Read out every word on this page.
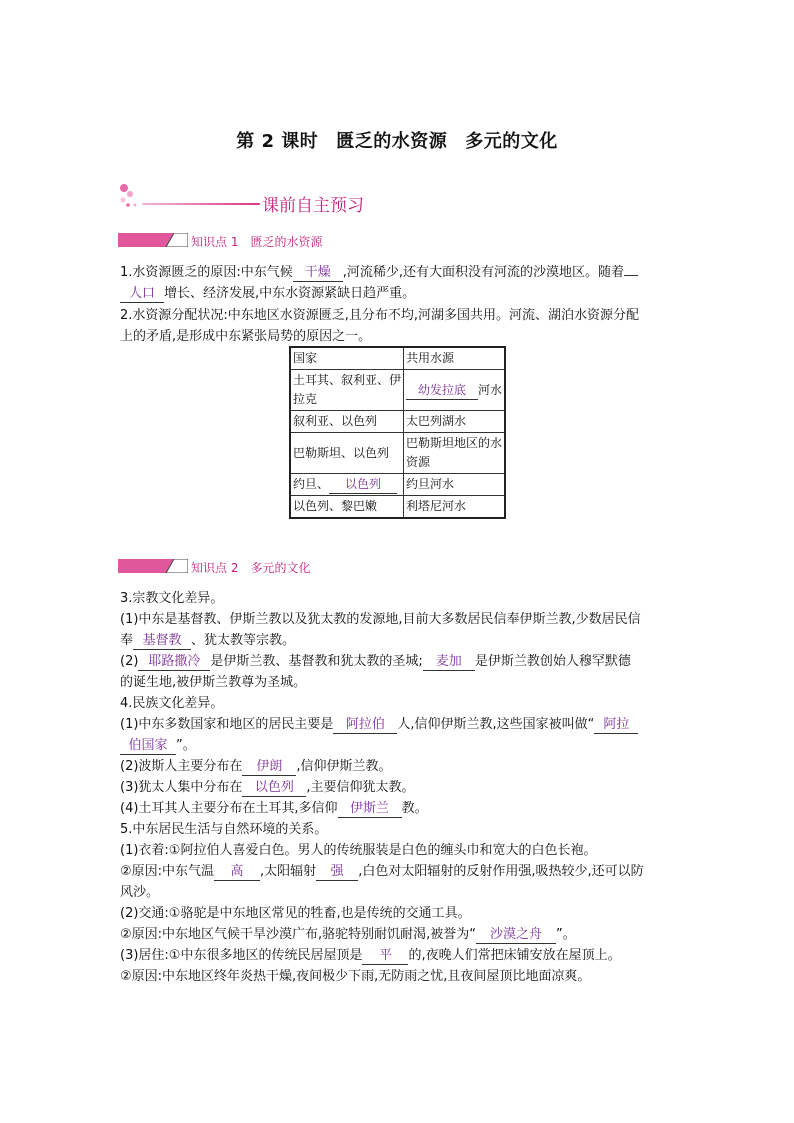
第 2 课时 匮乏的水资源 多元的文化
课前自主预习
知识点 1　匮乏的水资源
1.水资源匮乏的原因:中东气候 干燥 ,河流稀少,还有大面积没有河流的沙漠地区。随着
人口 增长、经济发展,中东水资源紧缺日趋严重。
2.水资源分配状况:中东地区水资源匮乏,且分布不均,河湖多国共用。河流、湖泊水资源分配
上的矛盾,是形成中东紧张局势的原因之一。
国家	共用水源
土耳其、叙利亚、伊拉克	幼发拉底 河水
叙利亚、以色列	太巴列湖水
巴勒斯坦、以色列	巴勒斯坦地区的水资源
约旦、 以色列	约旦河水
以色列、黎巴嫩	利塔尼河水
知识点 2　多元的文化
3.宗教文化差异。
(1)中东是基督教、伊斯兰教以及犹太教的发源地,目前大多数居民信奉伊斯兰教,少数居民信
奉 基督教 、犹太教等宗教。
(2) 耶路撒冷 是伊斯兰教、基督教和犹太教的圣城; 麦加 是伊斯兰教创始人穆罕默德
的诞生地,被伊斯兰教尊为圣城。
4.民族文化差异。
(1)中东多数国家和地区的居民主要是 阿拉伯 人,信仰伊斯兰教,这些国家被叫做“ 阿拉
伯国家 ”。
(2)波斯人主要分布在 伊朗 ,信仰伊斯兰教。
(3)犹太人集中分布在 以色列 ,主要信仰犹太教。
(4)土耳其人主要分布在土耳其,多信仰 伊斯兰 教。
5.中东居民生活与自然环境的关系。
(1)衣着:①阿拉伯人喜爱白色。男人的传统服装是白色的缠头巾和宽大的白色长袍。
②原因:中东气温 高 ,太阳辐射 强 ,白色对太阳辐射的反射作用强,吸热较少,还可以防
风沙。
(2)交通:①骆驼是中东地区常见的牲畜,也是传统的交通工具。
②原因:中东地区气候干旱沙漠广布,骆驼特别耐饥耐渴,被誉为“ 沙漠之舟 ”。
(3)居住:①中东很多地区的传统民居屋顶是 平 的,夜晚人们常把床铺安放在屋顶上。
②原因:中东地区终年炎热干燥,夜间极少下雨,无防雨之忧,且夜间屋顶比地面凉爽。
